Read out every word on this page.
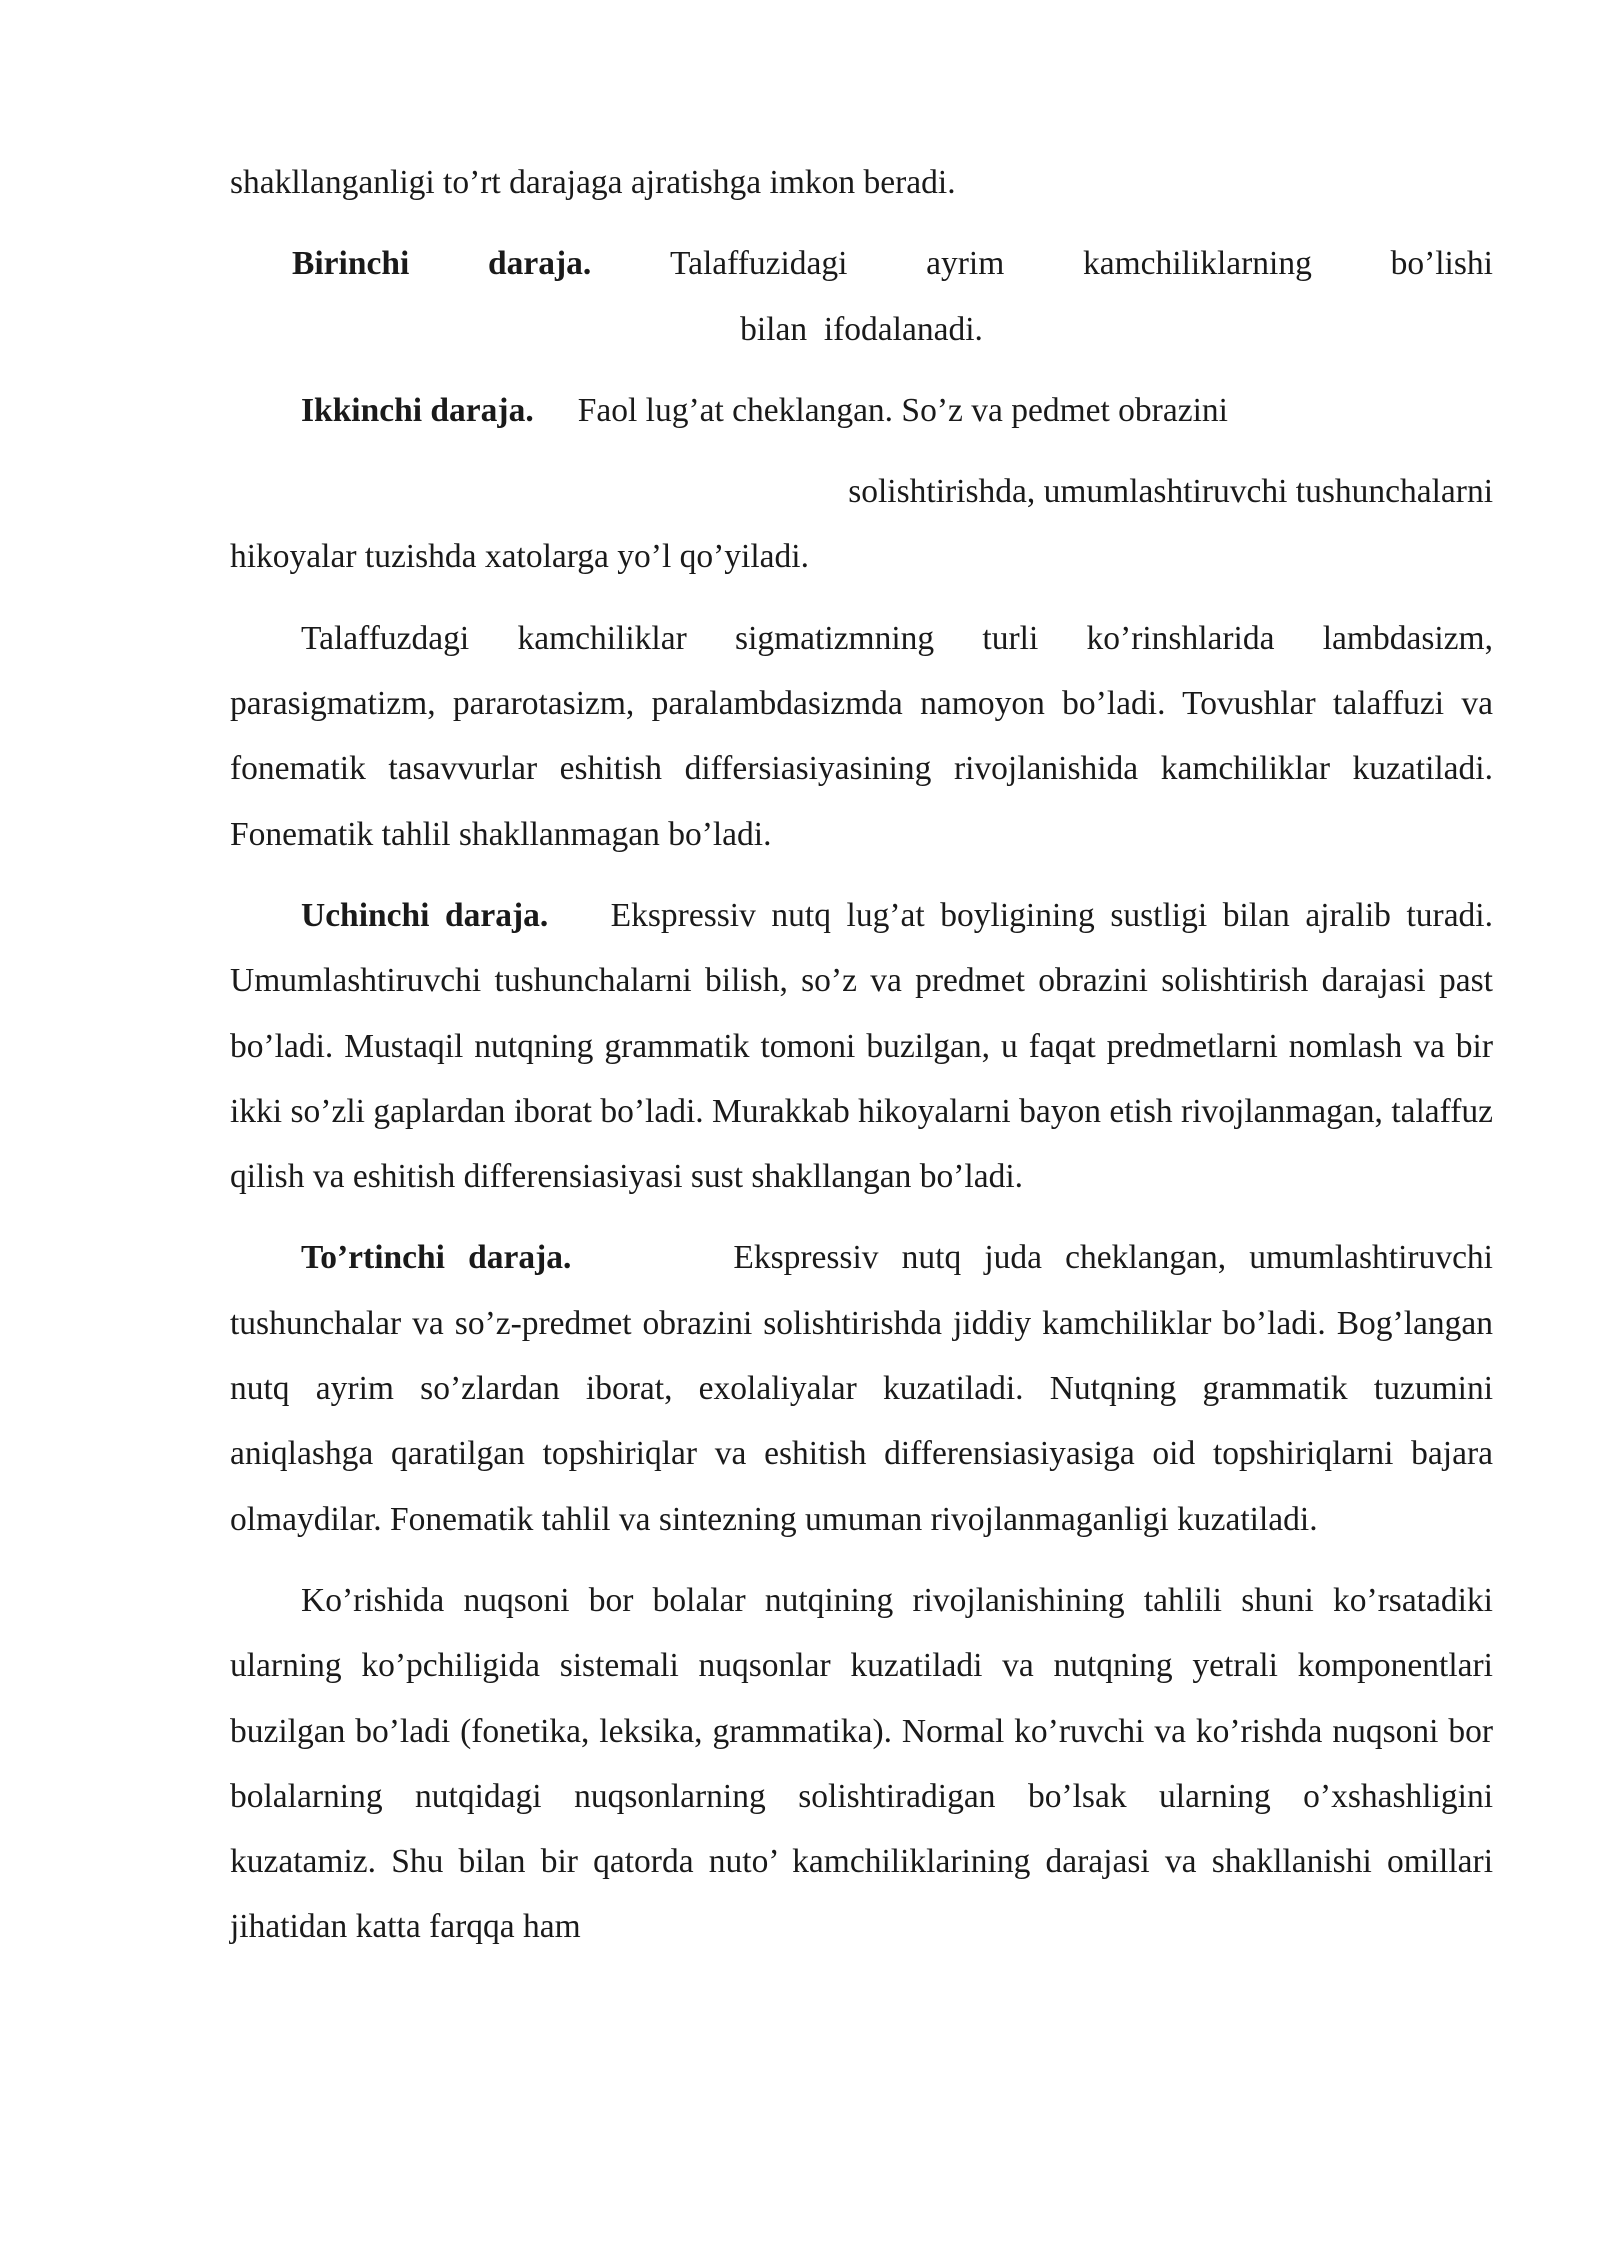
shakllanganligi to’rt darajaga ajratishga imkon beradi.

Birinchi daraja. Talaffuzidagi ayrim kamchiliklarning bo’lishi
bilan  ifodalanadi.
Ikkinchi daraja. Faol lug’at cheklangan. So’z va pedmet obrazini
solishtirishda, umumlashtiruvchi tushunchalarni
hikoyalar tuzishda xatolarga yo’l qo’yiladi.

Talaffuzdagi kamchiliklar sigmatizmning turli ko’rinshlarida lambdasizm, parasigmatizm, pararotasizm, paralambdasizmda namoyon bo’ladi. Tovushlar talaffuzi va fonematik tasavvurlar eshitish differsiasiyasining rivojlanishida kamchiliklar kuzatiladi. Fonematik tahlil shakllanmagan bo’ladi.

Uchinchi daraja. Ekspressiv nutq lug’at boyligining sustligi bilan ajralib turadi. Umumlashtiruvchi tushunchalarni bilish, so’z va predmet obrazini solishtirish darajasi past bo’ladi. Mustaqil nutqning grammatik tomoni buzilgan, u faqat predmetlarni nomlash va bir ikki so’zli gaplardan iborat bo’ladi. Murakkab hikoyalarni bayon etish rivojlanmagan, talaffuz qilish va eshitish differensiasiyasi sust shakllangan bo’ladi.

To’rtinchi daraja.	Ekspressiv nutq juda cheklangan, umumlashtiruvchi tushunchalar va so’z-predmet obrazini solishtirishda jiddiy kamchiliklar bo’ladi. Bog’langan nutq ayrim so’zlardan iborat, exolaliyalar kuzatiladi. Nutqning grammatik tuzumini aniqlashga qaratilgan topshiriqlar va eshitish differensiasiyasiga oid topshiriqlarni bajara olmaydilar. Fonematik tahlil va sintezning umuman rivojlanmaganligi kuzatiladi.

Ko’rishida nuqsoni bor bolalar nutqining rivojlanishining tahlili shuni ko’rsatadiki ularning ko’pchiligida sistemali nuqsonlar kuzatiladi va nutqning yetrali komponentlari buzilgan bo’ladi (fonetika, leksika, grammatika). Normal ko’ruvchi va ko’rishda nuqsoni bor bolalarning nutqidagi nuqsonlarning solishtiradigan bo’lsak ularning o’xshashligini kuzatamiz. Shu bilan bir qatorda nuto’ kamchiliklarining darajasi va shakllanishi omillari jihatidan katta farqqa ham
